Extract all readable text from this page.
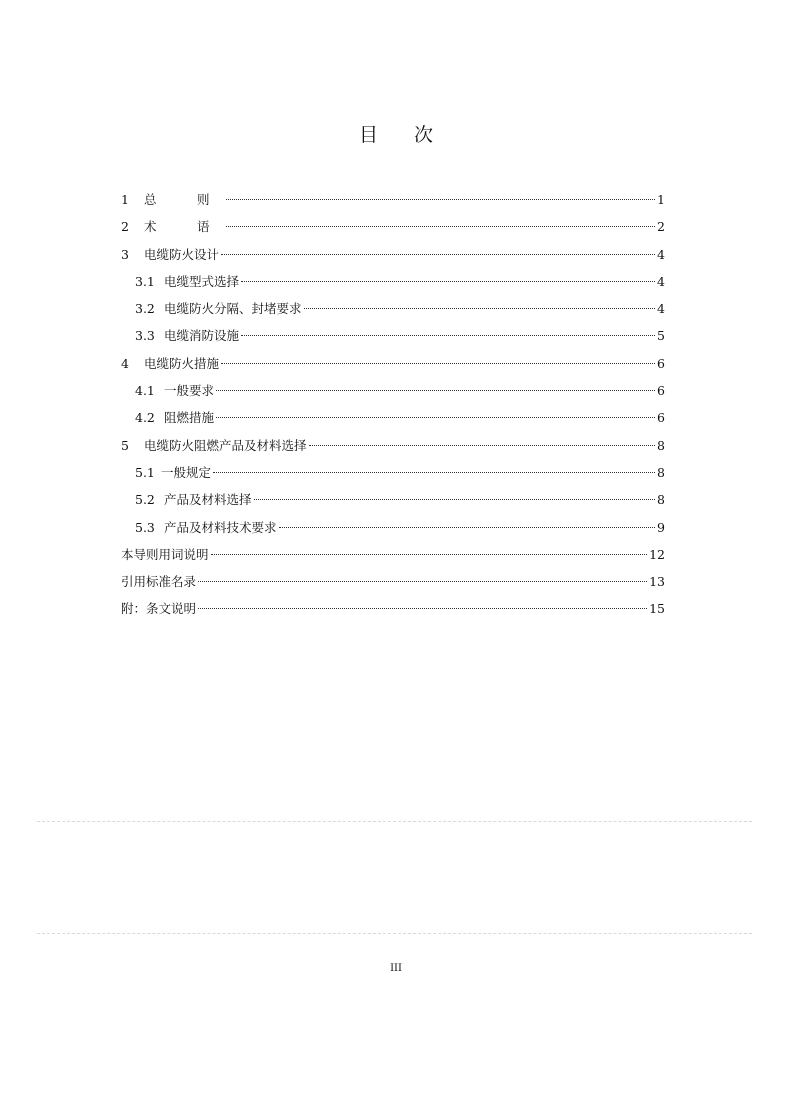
目次
1	总　则	1
2	术　语	2
3	电缆防火设计	4
3.1 电缆型式选择	4
3.2 电缆防火分隔、封堵要求	4
3.3 电缆消防设施	5
4	电缆防火措施	6
4.1 一般要求	6
4.2 阻燃措施	6
5	电缆防火阻燃产品及材料选择	8
5.1 一般规定	8
5.2 产品及材料选择	8
5.3 产品及材料技术要求	9
本导则用词说明	12
引用标准名录	13
附：条文说明	15
III
